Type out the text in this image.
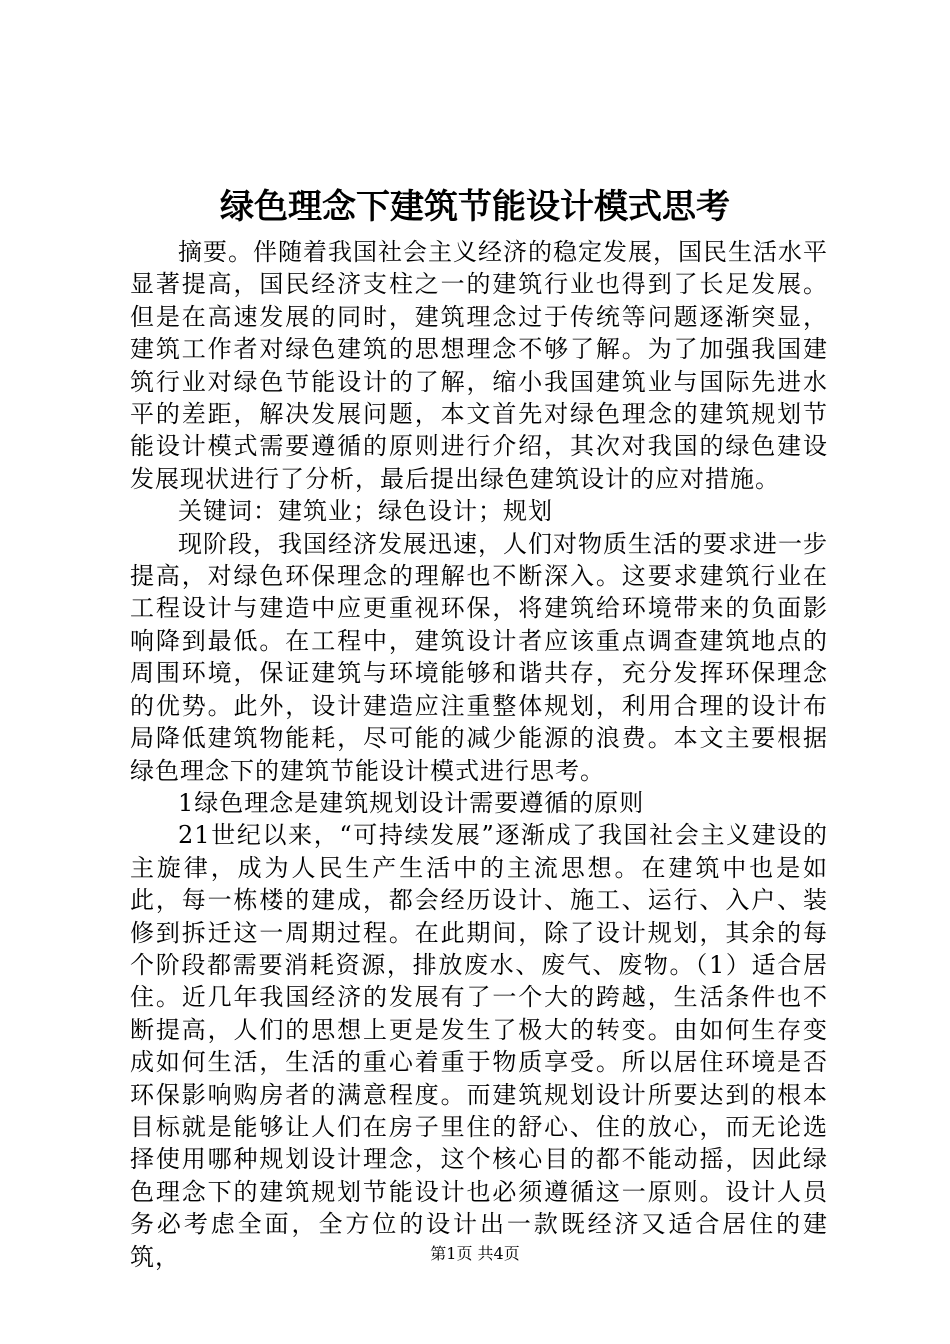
绿色理念下建筑节能设计模式思考

摘要。伴随着我国社会主义经济的稳定发展，国民生活水平显著提高，国民经济支柱之一的建筑行业也得到了长足发展。但是在高速发展的同时，建筑理念过于传统等问题逐渐突显，建筑工作者对绿色建筑的思想理念不够了解。为了加强我国建筑行业对绿色节能设计的了解，缩小我国建筑业与国际先进水平的差距，解决发展问题，本文首先对绿色理念的建筑规划节能设计模式需要遵循的原则进行介绍，其次对我国的绿色建设发展现状进行了分析，最后提出绿色建筑设计的应对措施。

关键词：建筑业；绿色设计；规划

现阶段，我国经济发展迅速，人们对物质生活的要求进一步提高，对绿色环保理念的理解也不断深入。这要求建筑行业在工程设计与建造中应更重视环保，将建筑给环境带来的负面影响降到最低。在工程中，建筑设计者应该重点调查建筑地点的周围环境，保证建筑与环境能够和谐共存，充分发挥环保理念的优势。此外，设计建造应注重整体规划，利用合理的设计布局降低建筑物能耗，尽可能的减少能源的浪费。本文主要根据绿色理念下的建筑节能设计模式进行思考。

1绿色理念是建筑规划设计需要遵循的原则

21世纪以来，“可持续发展”逐渐成了我国社会主义建设的主旋律，成为人民生产生活中的主流思想。在建筑中也是如此，每一栋楼的建成，都会经历设计、施工、运行、入户、装修到拆迁这一周期过程。在此期间，除了设计规划，其余的每个阶段都需要消耗资源，排放废水、废气、废物。（1）适合居住。近几年我国经济的发展有了一个大的跨越，生活条件也不断提高，人们的思想上更是发生了极大的转变。由如何生存变成如何生活，生活的重心着重于物质享受。所以居住环境是否环保影响购房者的满意程度。而建筑规划设计所要达到的根本目标就是能够让人们在房子里住的舒心、住的放心，而无论选择使用哪种规划设计理念，这个核心目的都不能动摇，因此绿色理念下的建筑规划节能设计也必须遵循这一原则。设计人员务必考虑全面，全方位的设计出一款既经济又适合居住的建筑，	第1页 共4页
